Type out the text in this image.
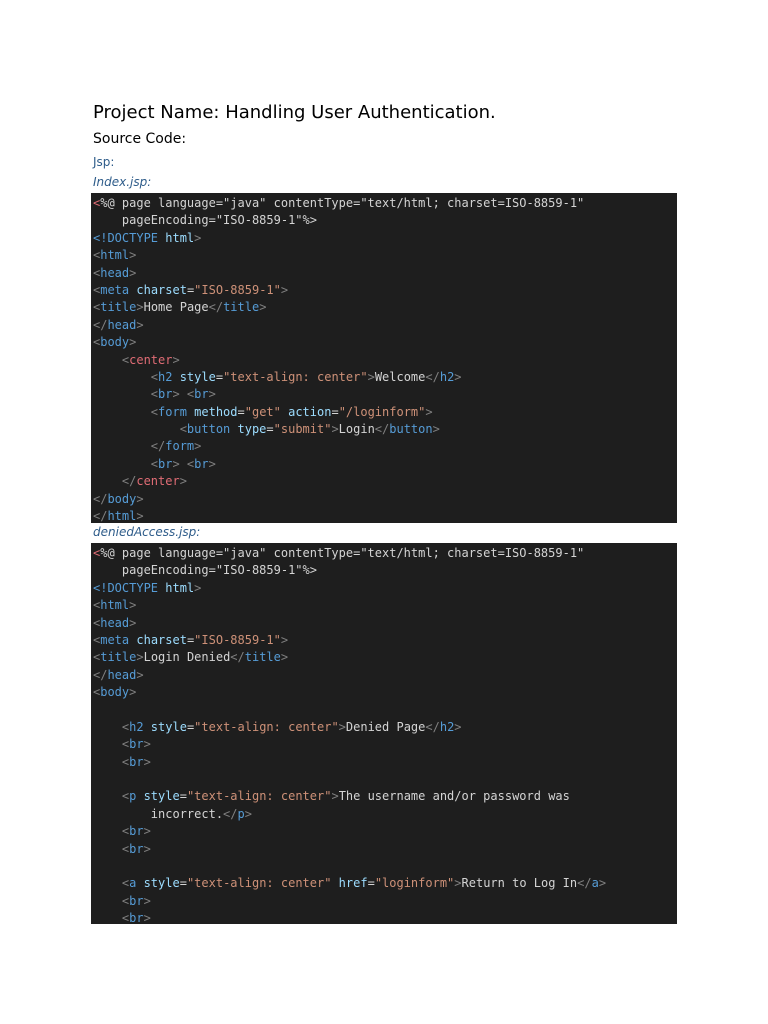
Project Name: Handling User Authentication.
Source Code:
Jsp:
Index.jsp:
<%@ page language="java" contentType="text/html; charset=ISO-8859-1"
pageEncoding="ISO-8859-1"%>
<!DOCTYPE html>
<html>
<head>
<meta charset="ISO-8859-1">
<title>Home Page</title>
</head>
<body>
<center>
<h2 style="text-align: center">Welcome</h2>
<br> <br>
<form method="get" action="/loginform">
<button type="submit">Login</button>
</form>
<br> <br>
</center>
</body>
</html>
deniedAccess.jsp:
<%@ page language="java" contentType="text/html; charset=ISO-8859-1"
pageEncoding="ISO-8859-1"%>
<!DOCTYPE html>
<html>
<head>
<meta charset="ISO-8859-1">
<title>Login Denied</title>
</head>
<body>
<h2 style="text-align: center">Denied Page</h2>
<br>
<br>
<p style="text-align: center">The username and/or password was
incorrect.</p>
<br>
<br>
<a style="text-align: center" href="loginform">Return to Log In</a>
<br>
<br>
